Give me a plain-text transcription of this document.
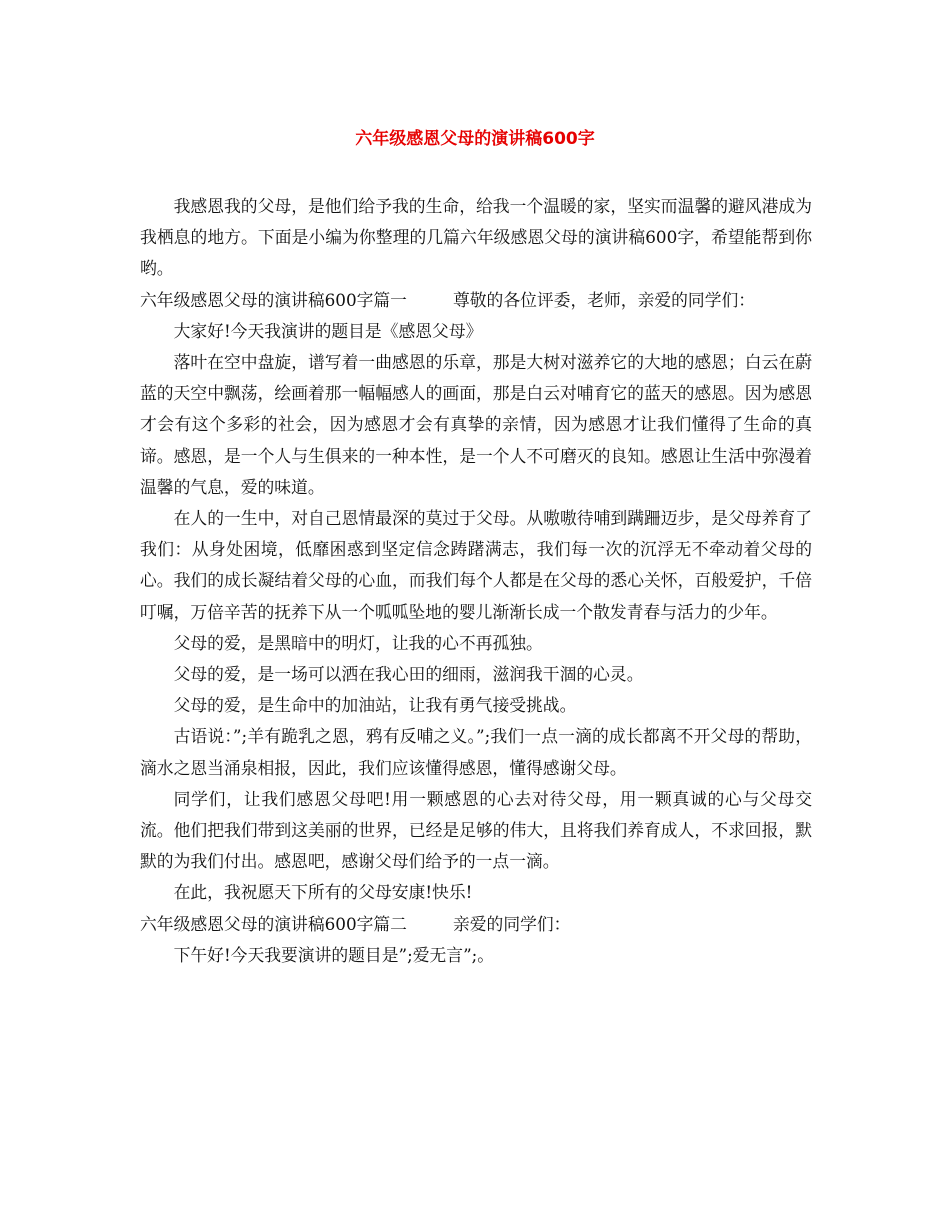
六年级感恩父母的演讲稿600字

我感恩我的父母，是他们给予我的生命，给我一个温暖的家，坚实而温馨的避风港成为我栖息的地方。下面是小编为你整理的几篇六年级感恩父母的演讲稿600字，希望能帮到你哟。

六年级感恩父母的演讲稿600字篇一	尊敬的各位评委，老师，亲爱的同学们：

大家好!今天我演讲的题目是《感恩父母》

落叶在空中盘旋，谱写着一曲感恩的乐章，那是大树对滋养它的大地的感恩；白云在蔚蓝的天空中飘荡，绘画着那一幅幅感人的画面，那是白云对哺育它的蓝天的感恩。因为感恩才会有这个多彩的社会，因为感恩才会有真挚的亲情，因为感恩才让我们懂得了生命的真谛。感恩，是一个人与生俱来的一种本性，是一个人不可磨灭的良知。感恩让生活中弥漫着温馨的气息，爱的味道。

在人的一生中，对自己恩情最深的莫过于父母。从嗷嗷待哺到蹒跚迈步，是父母养育了我们：从身处困境，低靡困惑到坚定信念踌躇满志，我们每一次的沉浮无不牵动着父母的心。我们的成长凝结着父母的心血，而我们每个人都是在父母的悉心关怀，百般爱护，千倍叮嘱，万倍辛苦的抚养下从一个呱呱坠地的婴儿渐渐长成一个散发青春与活力的少年。

父母的爱，是黑暗中的明灯，让我的心不再孤独。

父母的爱，是一场可以洒在我心田的细雨，滋润我干涸的心灵。

父母的爱，是生命中的加油站，让我有勇气接受挑战。

古语说：”;羊有跪乳之恩，鸦有反哺之义。”;我们一点一滴的成长都离不开父母的帮助，滴水之恩当涌泉相报，因此，我们应该懂得感恩，懂得感谢父母。

同学们，让我们感恩父母吧!用一颗感恩的心去对待父母，用一颗真诚的心与父母交流。他们把我们带到这美丽的世界，已经是足够的伟大，且将我们养育成人，不求回报，默默的为我们付出。感恩吧，感谢父母们给予的一点一滴。

在此，我祝愿天下所有的父母安康!快乐!

六年级感恩父母的演讲稿600字篇二	亲爱的同学们：

下午好!今天我要演讲的题目是”;爱无言”;。
